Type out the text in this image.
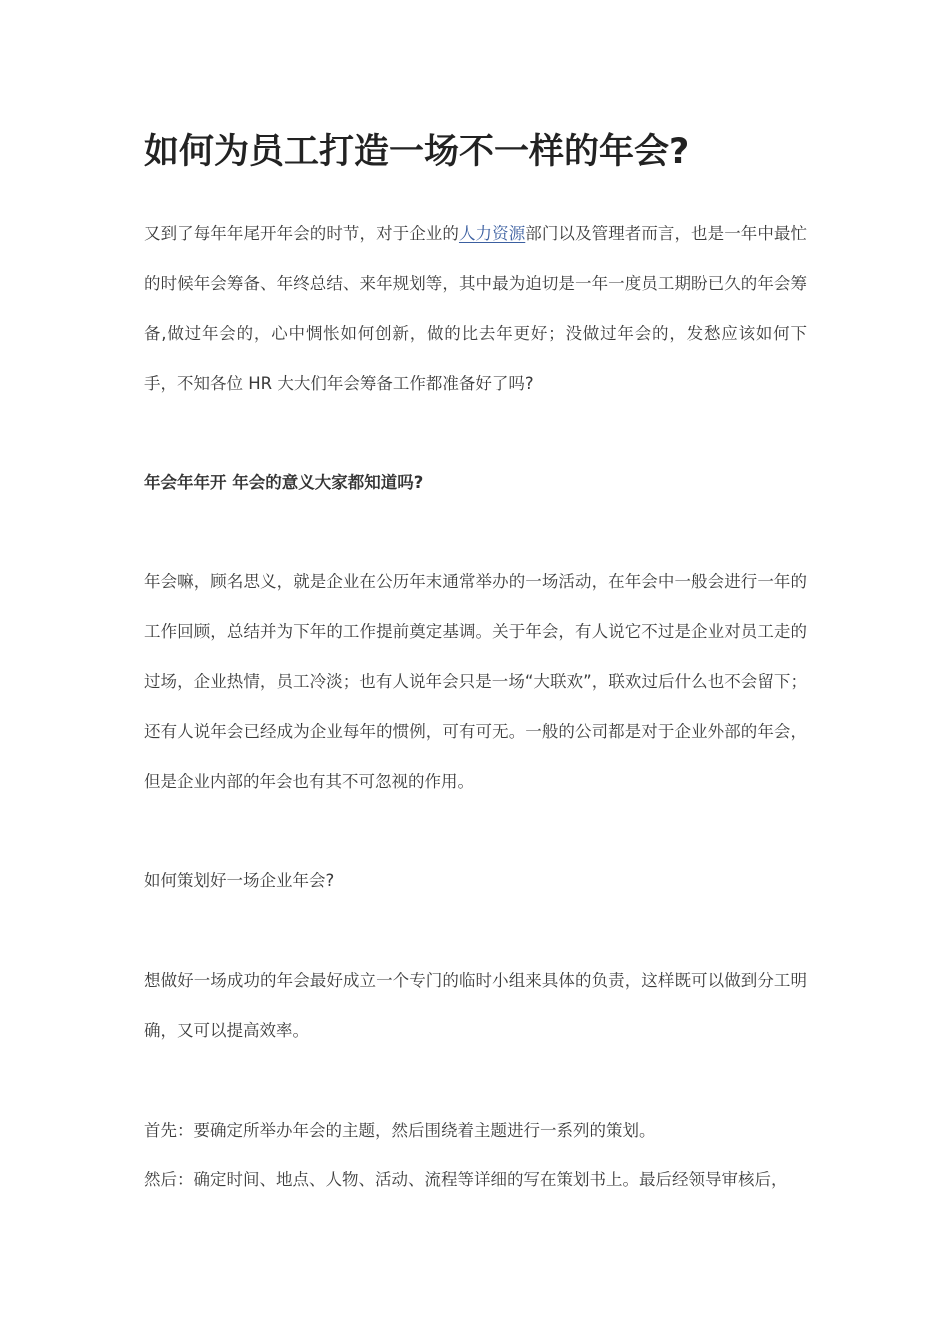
如何为员工打造一场不一样的年会?

又到了每年年尾开年会的时节，对于企业的人力资源部门以及管理者而言，也是一年中最忙的时候年会筹备、年终总结、来年规划等，其中最为迫切是一年一度员工期盼已久的年会筹备,做过年会的，心中惆怅如何创新，做的比去年更好；没做过年会的，发愁应该如何下手，不知各位 HR 大大们年会筹备工作都准备好了吗?

年会年年开 年会的意义大家都知道吗?

年会嘛，顾名思义，就是企业在公历年末通常举办的一场活动，在年会中一般会进行一年的工作回顾，总结并为下年的工作提前奠定基调。关于年会，有人说它不过是企业对员工走的过场，企业热情，员工冷淡；也有人说年会只是一场“大联欢”，联欢过后什么也不会留下；还有人说年会已经成为企业每年的惯例，可有可无。一般的公司都是对于企业外部的年会，但是企业内部的年会也有其不可忽视的作用。

如何策划好一场企业年会?

想做好一场成功的年会最好成立一个专门的临时小组来具体的负责，这样既可以做到分工明确，又可以提高效率。

首先：要确定所举办年会的主题，然后围绕着主题进行一系列的策划。

然后：确定时间、地点、人物、活动、流程等详细的写在策划书上。最后经领导审核后，
